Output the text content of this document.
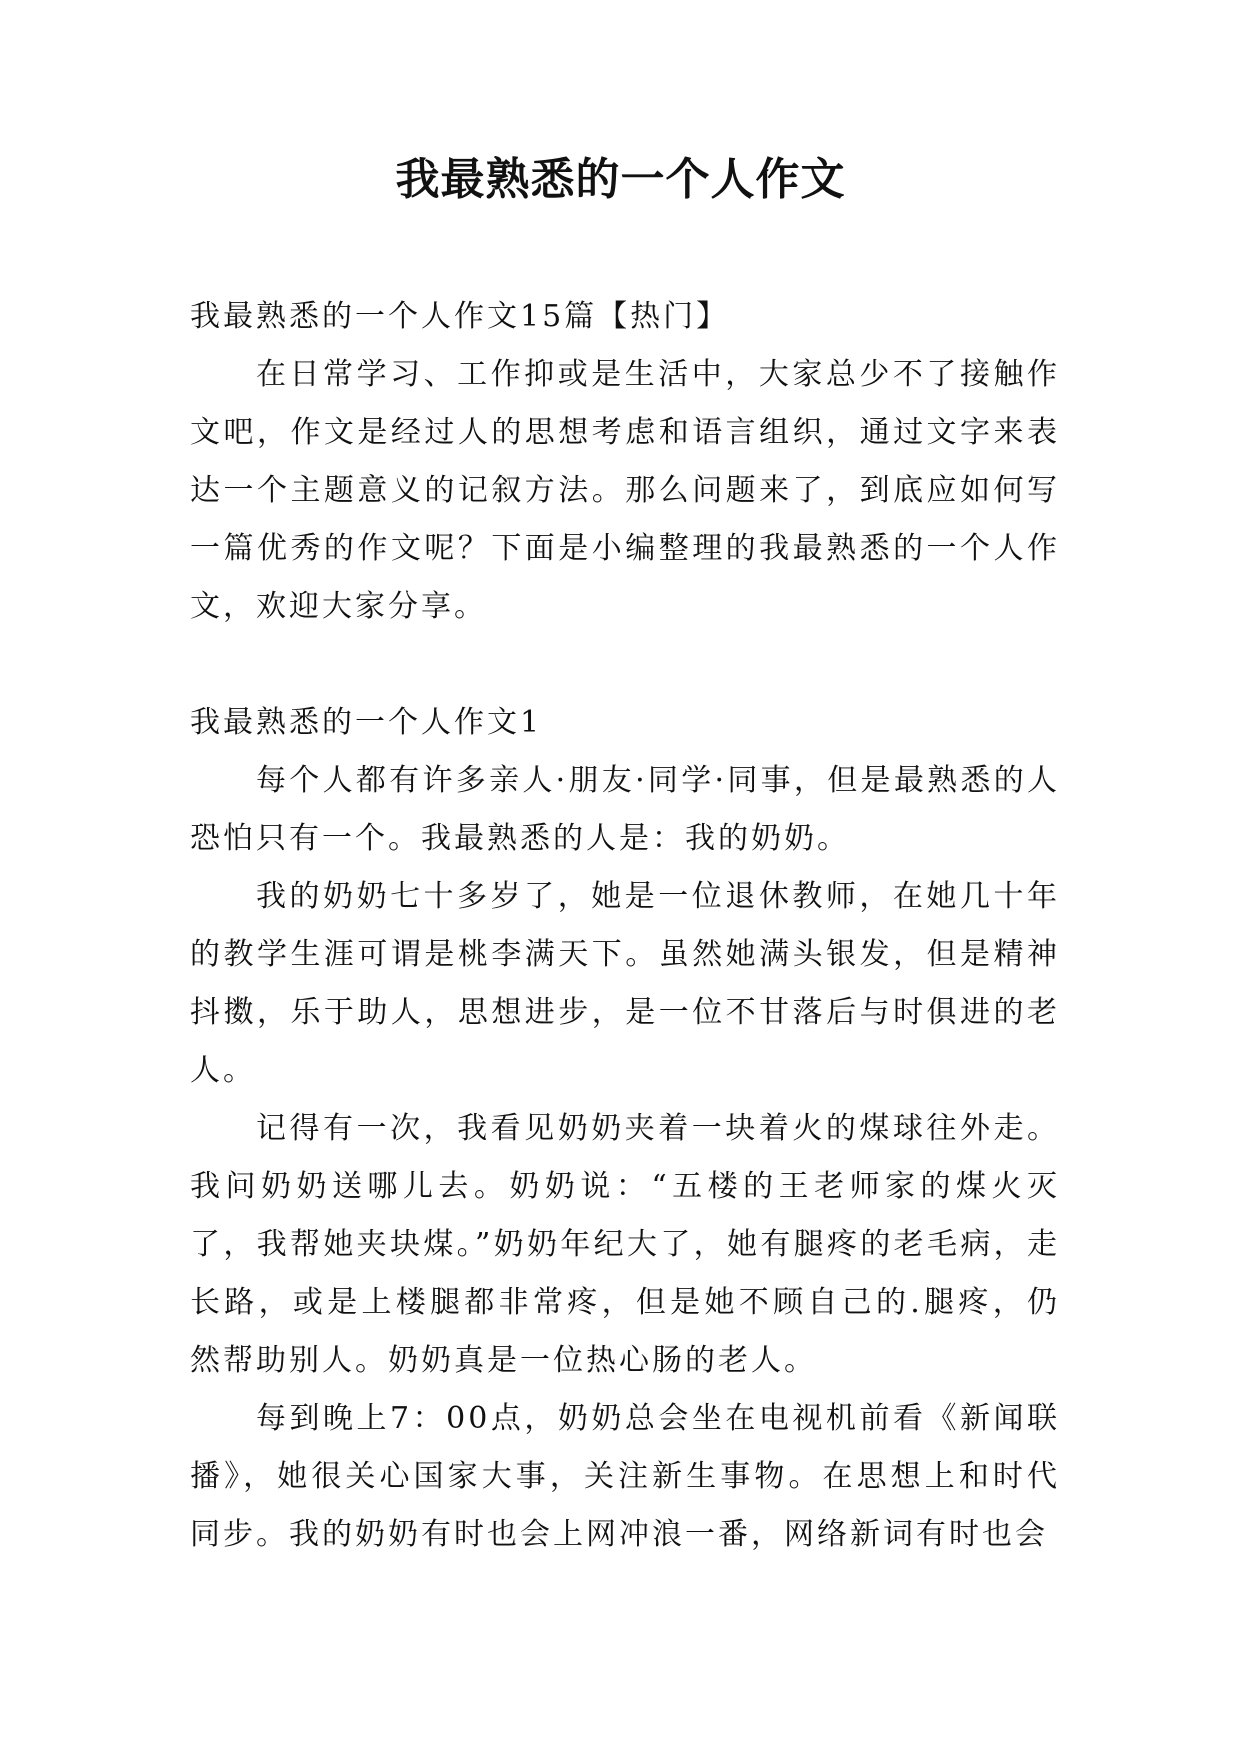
我最熟悉的一个人作文

我最熟悉的一个人作文15篇【热门】

在日常学习、工作抑或是生活中，大家总少不了接触作文吧，作文是经过人的思想考虑和语言组织，通过文字来表达一个主题意义的记叙方法。那么问题来了，到底应如何写一篇优秀的作文呢？下面是小编整理的我最熟悉的一个人作文，欢迎大家分享。

我最熟悉的一个人作文1

每个人都有许多亲人·朋友·同学·同事，但是最熟悉的人恐怕只有一个。我最熟悉的人是：我的奶奶。

我的奶奶七十多岁了，她是一位退休教师，在她几十年的教学生涯可谓是桃李满天下。虽然她满头银发，但是精神抖擞，乐于助人，思想进步，是一位不甘落后与时俱进的老人。

记得有一次，我看见奶奶夹着一块着火的煤球往外走。我问奶奶送哪儿去。奶奶说：“五楼的王老师家的煤火灭了，我帮她夹块煤。”奶奶年纪大了，她有腿疼的老毛病，走长路，或是上楼腿都非常疼，但是她不顾自己的.腿疼，仍然帮助别人。奶奶真是一位热心肠的老人。

每到晚上7：00点，奶奶总会坐在电视机前看《新闻联播》，她很关心国家大事，关注新生事物。在思想上和时代同步。我的奶奶有时也会上网冲浪一番，网络新词有时也会
